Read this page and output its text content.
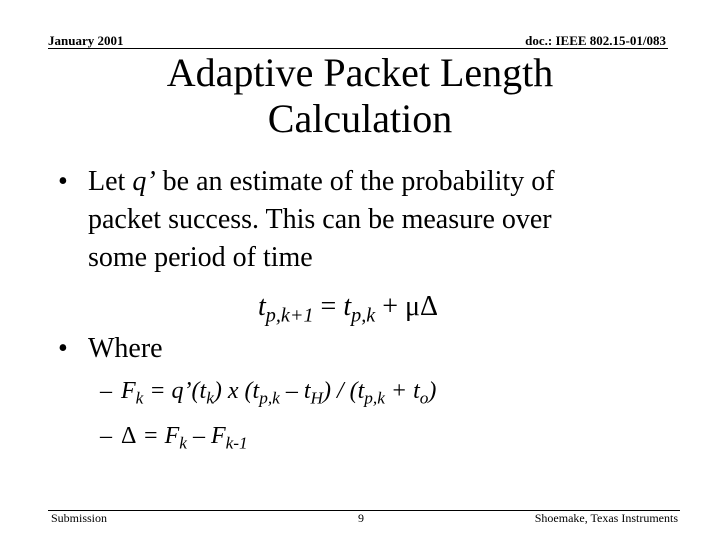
January 2001	doc.: IEEE 802.15-01/083
Adaptive Packet Length
Calculation
• Let q’ be an estimate of the probability of
packet success. This can be measure over
some period of time
$t_{p,k+1} = t_{p,k} + \mu\Delta$
• Where
– $F_k$ = $q’(t_k)$ x $(t_{p,k} - t_H) / (t_{p,k} + t_o)$
– $\Delta = F_k - F_{k-1}$
Submission	9	Shoemake, Texas Instruments
